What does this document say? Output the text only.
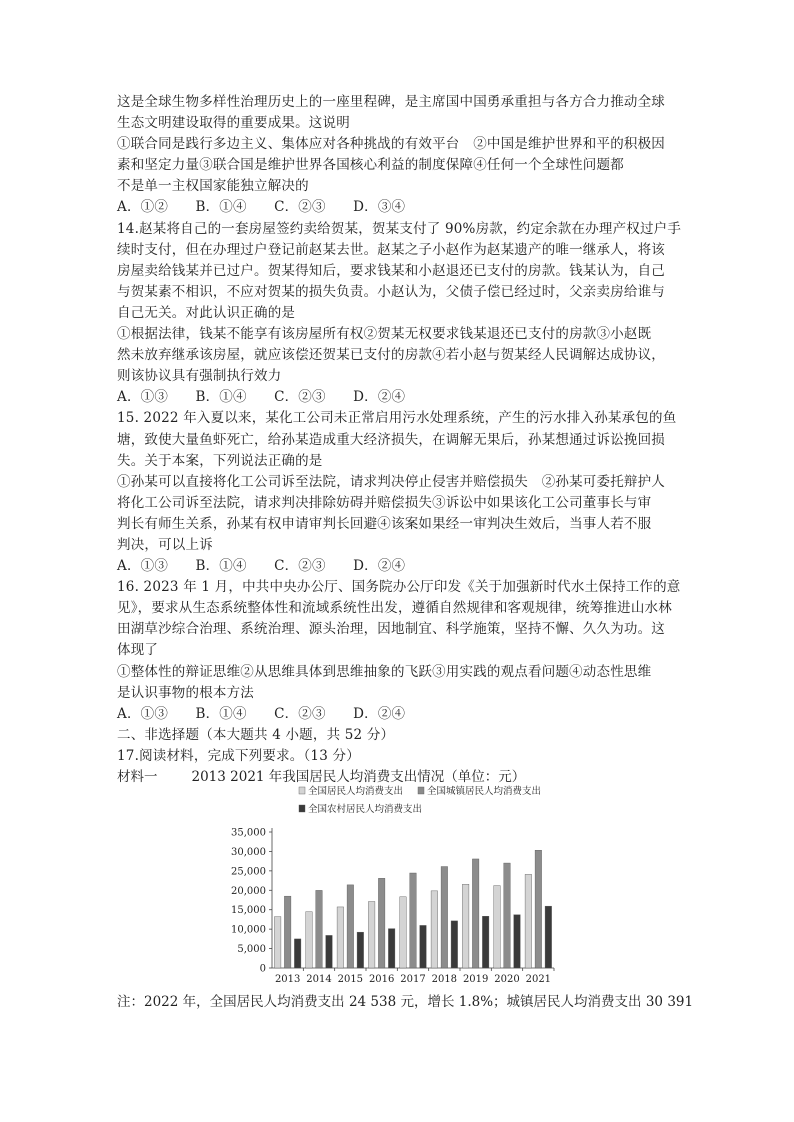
这是全球生物多样性治理历史上的一座里程碑，是主席国中国勇承重担与各方合力推动全球
生态文明建设取得的重要成果。这说明
①联合同是践行多边主义、集体应对各种挑战的有效平台　②中国是维护世界和平的积极因
素和坚定力量③联合国是维护世界各国核心利益的制度保障④任何一个全球性问题都
不是单一主权国家能独立解决的
A．①②　　B．①④　　C．②③　　D．③④
14.赵某将自己的一套房屋签约卖给贺某，贺某支付了 90%房款，约定余款在办理产权过户手
续时支付，但在办理过户登记前赵某去世。赵某之子小赵作为赵某遗产的唯一继承人，将该
房屋卖给钱某并已过户。贺某得知后，要求钱某和小赵退还已支付的房款。钱某认为，自己
与贺某素不相识，不应对贺某的损失负责。小赵认为，父债子偿已经过时，父亲卖房给谁与
自己无关。对此认识正确的是
①根据法律，钱某不能享有该房屋所有权②贺某无权要求钱某退还已支付的房款③小赵既
然未放弃继承该房屋，就应该偿还贺某已支付的房款④若小赵与贺某经人民调解达成协议，
则该协议具有强制执行效力
A．①③　　B．①④　　C．②③　　D．②④
15. 2022 年入夏以来，某化工公司未正常启用污水处理系统，产生的污水排入孙某承包的鱼
塘，致使大量鱼虾死亡，给孙某造成重大经济损失，在调解无果后，孙某想通过诉讼挽回损
失。关于本案，下列说法正确的是
①孙某可以直接将化工公司诉至法院，请求判决停止侵害并赔偿损失　②孙某可委托辩护人
将化工公司诉至法院，请求判决排除妨碍并赔偿损失③诉讼中如果该化工公司董事长与审
判长有师生关系，孙某有权申请审判长回避④该案如果经一审判决生效后，当事人若不服
判决，可以上诉
A．①③　　B．①④　　C．②③　　D．②④
16. 2023 年 1 月，中共中央办公厅、国务院办公厅印发《关于加强新时代水土保持工作的意
见》，要求从生态系统整体性和流域系统性出发，遵循自然规律和客观规律，统筹推进山水林
田湖草沙综合治理、系统治理、源头治理，因地制宜、科学施策，坚持不懈、久久为功。这
体现了
①整体性的辩证思维②从思维具体到思维抽象的飞跃③用实践的观点看问题④动态性思维
是认识事物的根本方法
A．①③　　B．①④　　C．②③　　D．②④
二、非选择题（本大题共 4 小题，共 52 分）
17.阅读材料，完成下列要求。（13 分）
材料一	2013 2021 年我国居民人均消费支出情况（单位：元）
全国居民人均消费支出	全国城镇居民人均消费支出
全国农村居民人均消费支出
0
5,000
10,000
15,000
20,000
25,000
30,000
35,000
2013 2014 2015 2016 2017 2018 2019 2020 2021
注：2022 年，全国居民人均消费支出 24 538 元，增长 1.8%；城镇居民人均消费支出 30 391
